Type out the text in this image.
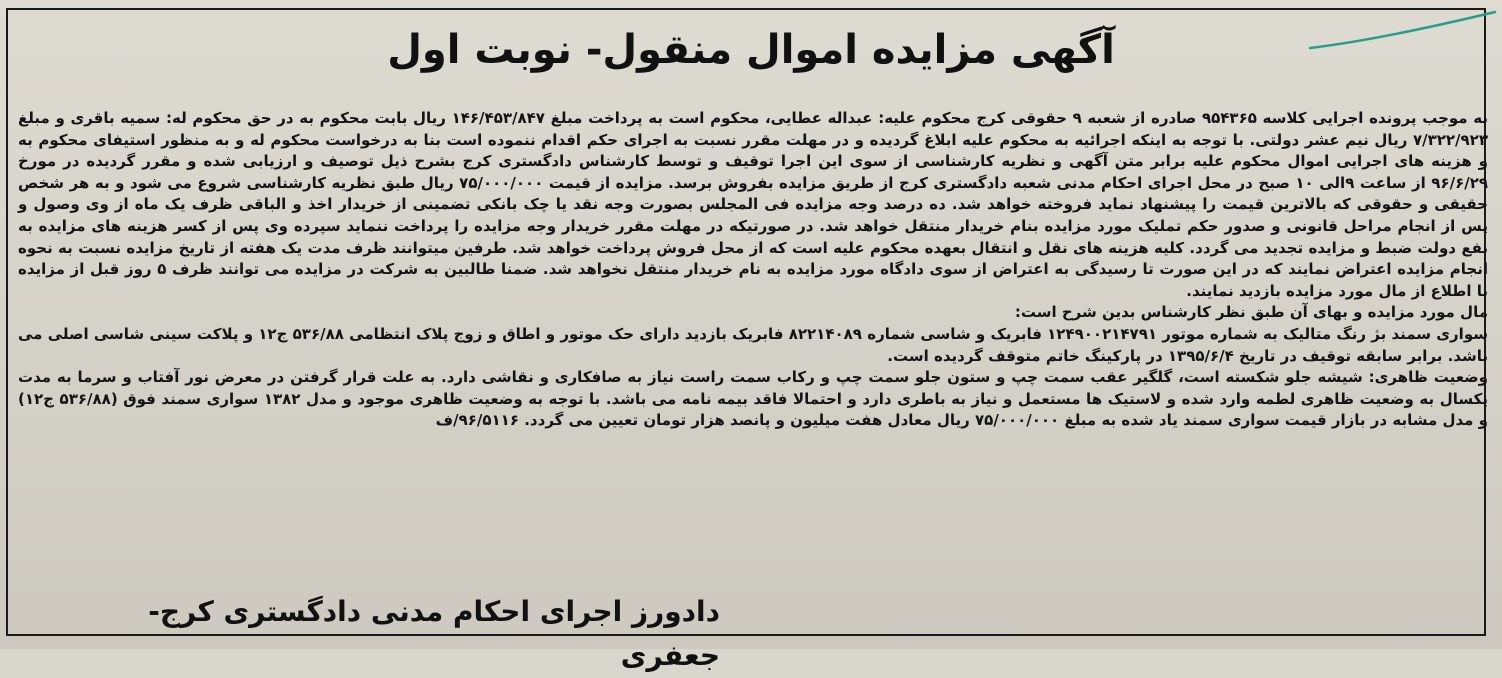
آگهی مزایده اموال منقول- نوبت اول

به موجب پرونده اجرایی کلاسه ۹۵۴۳۶۵ صادره از شعبه ۹ حقوقی کرج محکوم علیه: عبداله عطایی، محکوم است به پرداخت مبلغ ۱۴۶/۴۵۳/۸۴۷ ریال بابت محکوم به در حق محکوم له: سمیه باقری و مبلغ ۷/۳۲۲/۹۲۳ ریال نیم عشر دولتی. با توجه به اینکه اجرائیه به محکوم علیه ابلاغ گردیده و در مهلت مقرر نسبت به اجرای حکم اقدام ننموده است بنا به درخواست محکوم له و به منظور استیفای محکوم به و هزینه های اجرایی اموال محکوم علیه برابر متن آگهی و نظریه کارشناسی از سوی این اجرا توقیف و توسط کارشناس دادگستری کرج بشرح ذیل توصیف و ارزیابی شده و مقرر گردیده در مورخ ۹۶/۶/۲۹ از ساعت ۹الی ۱۰ صبح در محل اجرای احکام مدنی شعبه دادگستری کرج از طریق مزایده بفروش برسد. مزایده از قیمت ۷۵/۰۰۰/۰۰۰ ریال طبق نظریه کارشناسی شروع می شود و به هر شخص حقیقی و حقوقی که بالاترین قیمت را پیشنهاد نماید فروخته خواهد شد. ده درصد وجه مزایده فی المجلس بصورت وجه نقد یا چک بانکی تضمینی از خریدار اخذ و الباقی ظرف یک ماه از وی وصول و پس از انجام مراحل قانونی و صدور حکم تملیک مورد مزایده بنام خریدار منتقل خواهد شد. در صورتیکه در مهلت مقرر خریدار وجه مزایده را پرداخت ننماید سپرده وی پس از کسر هزینه های مزایده به نفع دولت ضبط و مزایده تجدید می گردد. کلیه هزینه های نقل و انتقال بعهده محکوم علیه است که از محل فروش پرداخت خواهد شد. طرفین میتوانند ظرف مدت یک هفته از تاریخ مزایده نسبت به نحوه انجام مزایده اعتراض نمایند که در این صورت تا رسیدگی به اعتراض از سوی دادگاه مورد مزایده به نام خریدار منتقل نخواهد شد. ضمنا طالبین به شرکت در مزایده می توانند ظرف ۵ روز قبل از مزایده با اطلاع از مال مورد مزایده بازدید نمایند.

مال مورد مزایده و بهای آن طبق نظر کارشناس بدین شرح است:

سواری سمند بژ رنگ متالیک به شماره موتور ۱۲۴۹۰۰۲۱۴۷۹۱ فابریک و شاسی شماره ۸۲۲۱۴۰۸۹ فابریک بازدید دارای حک موتور و اطاق و زوج پلاک انتظامی ۵۳۶/۸۸ ج۱۲ و پلاکت سینی شاسی اصلی می باشد. برابر سابقه توقیف در تاریخ ۱۳۹۵/۶/۴ در پارکینگ خاتم متوقف گردیده است.

وضعیت ظاهری: شیشه جلو شکسته است، گلگیر عقب سمت چپ و ستون جلو سمت چپ و رکاب سمت راست نیاز به صافکاری و نقاشی دارد. به علت قرار گرفتن در معرض نور آفتاب و سرما به مدت یکسال به وضعیت ظاهری لطمه وارد شده و لاستیک ها مستعمل و نیاز به باطری دارد و احتمالا فاقد بیمه نامه می باشد. با توجه به وضعیت ظاهری موجود و مدل ۱۳۸۲ سواری سمند فوق (۵۳۶/۸۸ ج۱۲) و مدل مشابه در بازار قیمت سواری سمند یاد شده به مبلغ ۷۵/۰۰۰/۰۰۰ ریال معادل هفت میلیون و پانصد هزار تومان تعیین می گردد. ۹۶/۵۱۱۶/ف

دادورز اجرای احکام مدنی دادگستری کرج- جعفری
